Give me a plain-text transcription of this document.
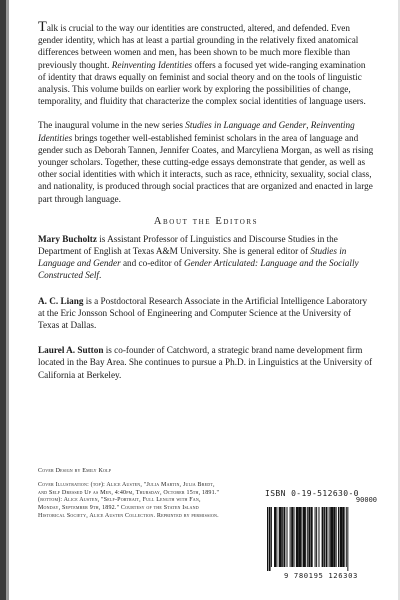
Talk is crucial to the way our identities are constructed, altered, and defended. Even gender identity, which has at least a partial grounding in the relatively fixed anatomical differences between women and men, has been shown to be much more flexible than previously thought. Reinventing Identities offers a focused yet wide-ranging examination of identity that draws equally on feminist and social theory and on the tools of linguistic analysis. This volume builds on earlier work by exploring the possibilities of change, temporality, and fluidity that characterize the complex social identities of language users.

The inaugural volume in the new series Studies in Language and Gender, Reinventing Identities brings together well-established feminist scholars in the area of language and gender such as Deborah Tannen, Jennifer Coates, and Marcyliena Morgan, as well as rising younger scholars. Together, these cutting-edge essays demonstrate that gender, as well as other social identities with which it interacts, such as race, ethnicity, sexuality, social class, and nationality, is produced through social practices that are organized and enacted in large part through language.

About the Editors

Mary Bucholtz is Assistant Professor of Linguistics and Discourse Studies in the Department of English at Texas A&M University. She is general editor of Studies in Language and Gender and co-editor of Gender Articulated: Language and the Socially Constructed Self.

A. C. Liang is a Postdoctoral Research Associate in the Artificial Intelligence Laboratory at the Eric Jonsson School of Engineering and Computer Science at the University of Texas at Dallas.

Laurel A. Sutton is co-founder of Catchword, a strategic brand name development firm located in the Bay Area. She continues to pursue a Ph.D. in Linguistics at the University of California at Berkeley.

Cover Design by Emily Kolp

Cover Illustration: (top): Alice Austen, "Julia Martin, Julia Bredt, and Self Dressed Up as Men, 4:40pm, Thursday, October 15th, 1891." (bottom): Alice Austen, "Self-Portrait, Full Length with Fan, Monday, September 9th, 1892." Courtesy of the Staten Island Historical Society, Alice Austen Collection. Reprinted by permission.

ISBN 0-19-512630-0
90000
9 780195 126303
